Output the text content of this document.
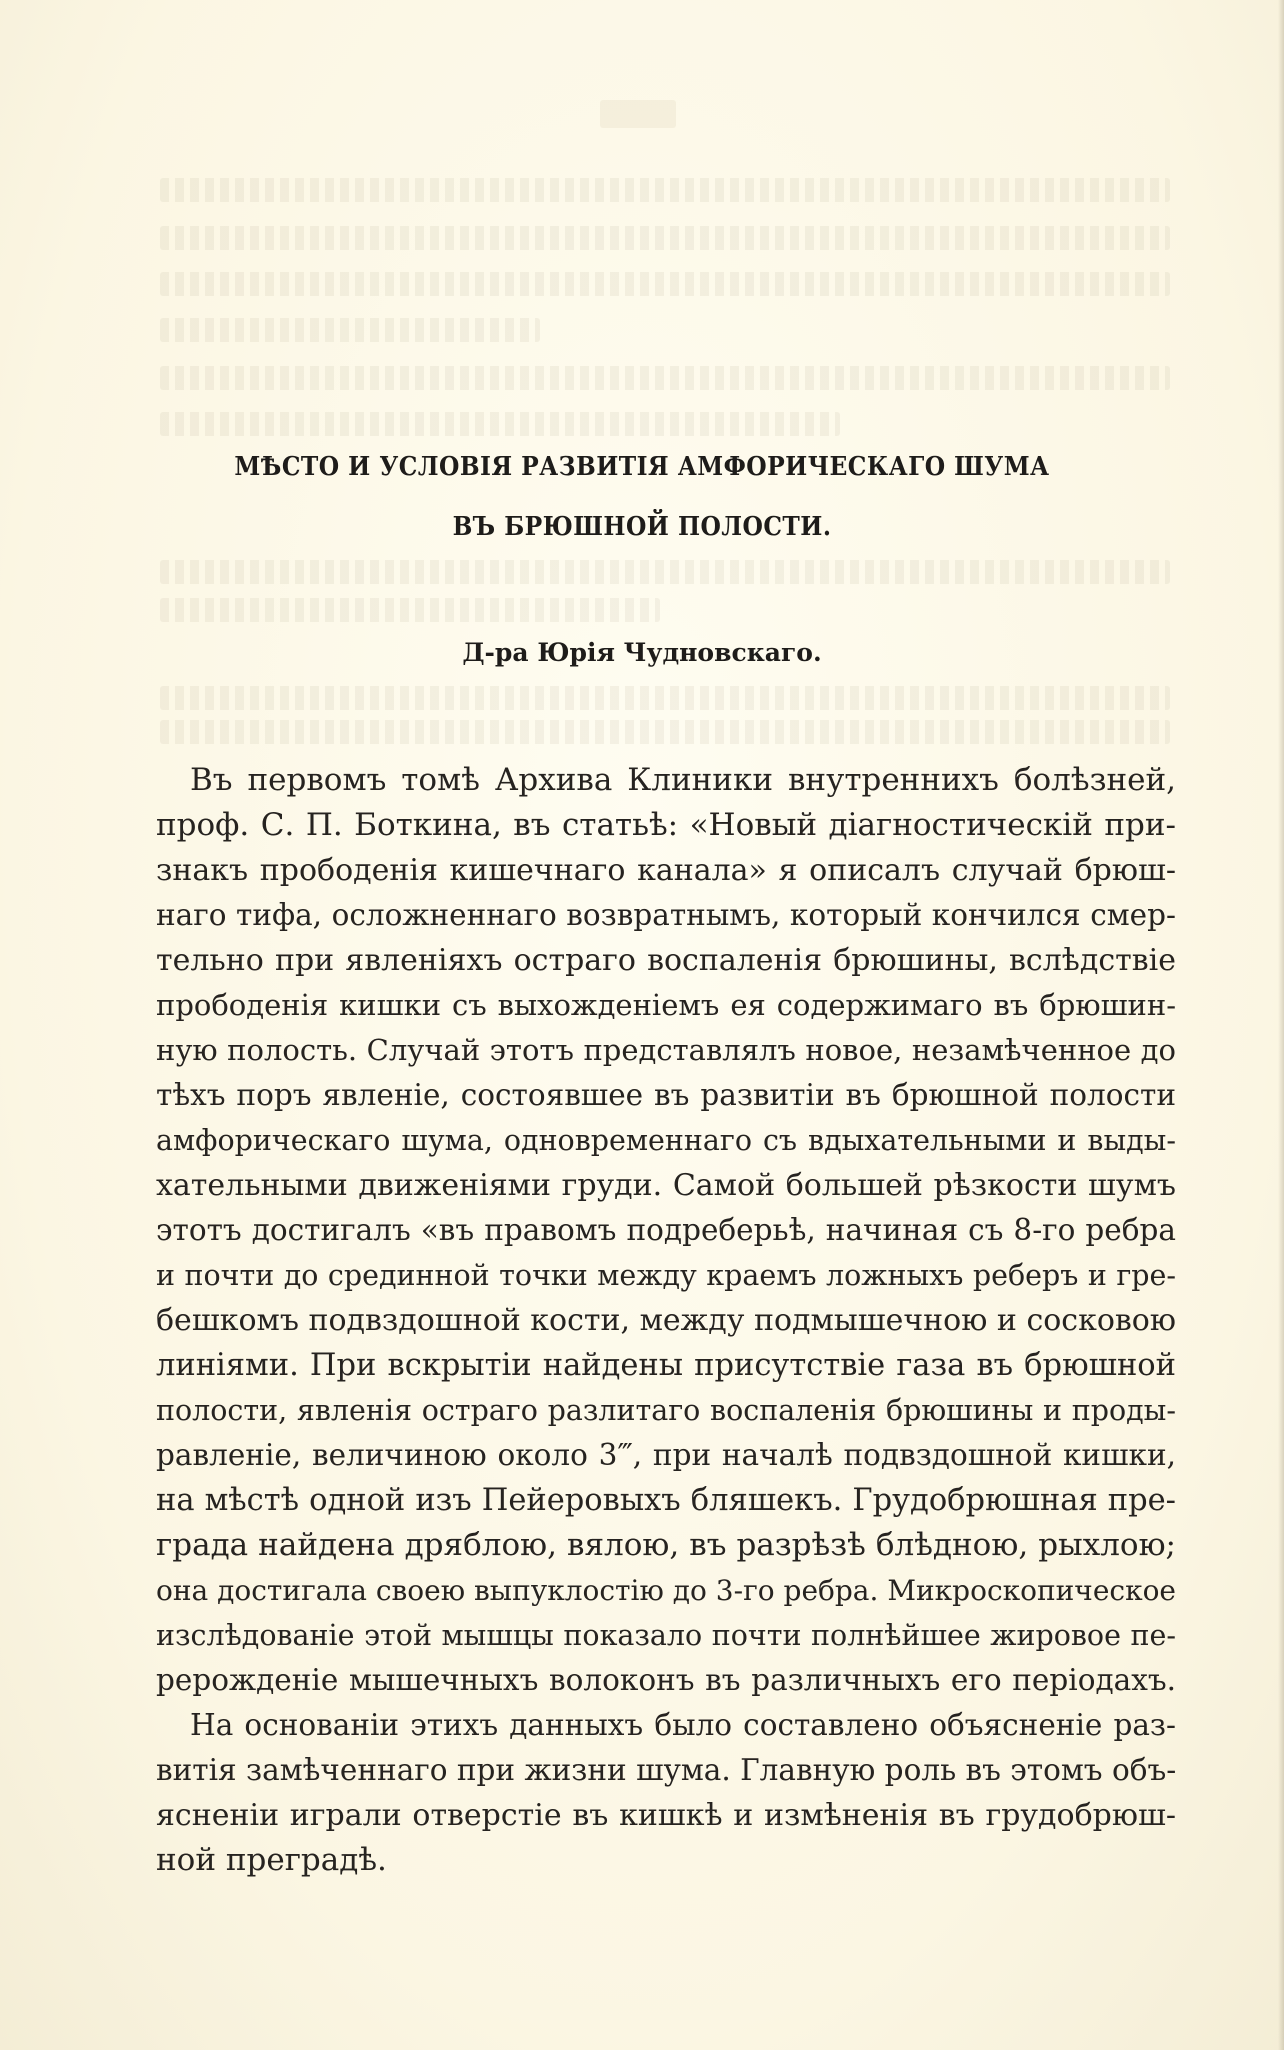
МѢСТО И УСЛОВІЯ РАЗВИТІЯ АМФОРИЧЕСКАГО ШУМА
ВЪ БРЮШНОЙ ПОЛОСТИ.
Д-ра Юрія Чудновскаго.
Въ первомъ томѣ Архива Клиники внутреннихъ болѣзней,
проф. С. П. Боткина, въ статьѣ: «Новый діагностическій при-
знакъ прободенія кишечнаго канала» я описалъ случай брюш-
наго тифа, осложненнаго возвратнымъ, который кончился смер-
тельно при явленіяхъ остраго воспаленія брюшины, вслѣдствіе
прободенія кишки съ выхожденіемъ ея содержимаго въ брюшин-
ную полость. Случай этотъ представлялъ новое, незамѣченное до
тѣхъ поръ явленіе, состоявшее въ развитіи въ брюшной полости
амфорическаго шума, одновременнаго съ вдыхательными и выды-
хательными движеніями груди. Самой большей рѣзкости шумъ
этотъ достигалъ «въ правомъ подреберьѣ, начиная съ 8-го ребра
и почти до срединной точки между краемъ ложныхъ реберъ и гре-
бешкомъ подвздошной кости, между подмышечною и сосковою
линіями. При вскрытіи найдены присутствіе газа въ брюшной
полости, явленія остраго разлитаго воспаленія брюшины и проды-
равленіе, величиною около 3‴, при началѣ подвздошной кишки,
на мѣстѣ одной изъ Пейеровыхъ бляшекъ. Грудобрюшная пре-
града найдена дряблою, вялою, въ разрѣзѣ блѣдною, рыхлою;
она достигала своею выпуклостію до 3-го ребра. Микроскопическое
изслѣдованіе этой мышцы показало почти полнѣйшее жировое пе-
рерожденіе мышечныхъ волоконъ въ различныхъ его періодахъ.
На основаніи этихъ данныхъ было составлено объясненіе раз-
витія замѣченнаго при жизни шума. Главную роль въ этомъ объ-
ясненіи играли отверстіе въ кишкѣ и измѣненія въ грудобрюш-
ной преградѣ.
